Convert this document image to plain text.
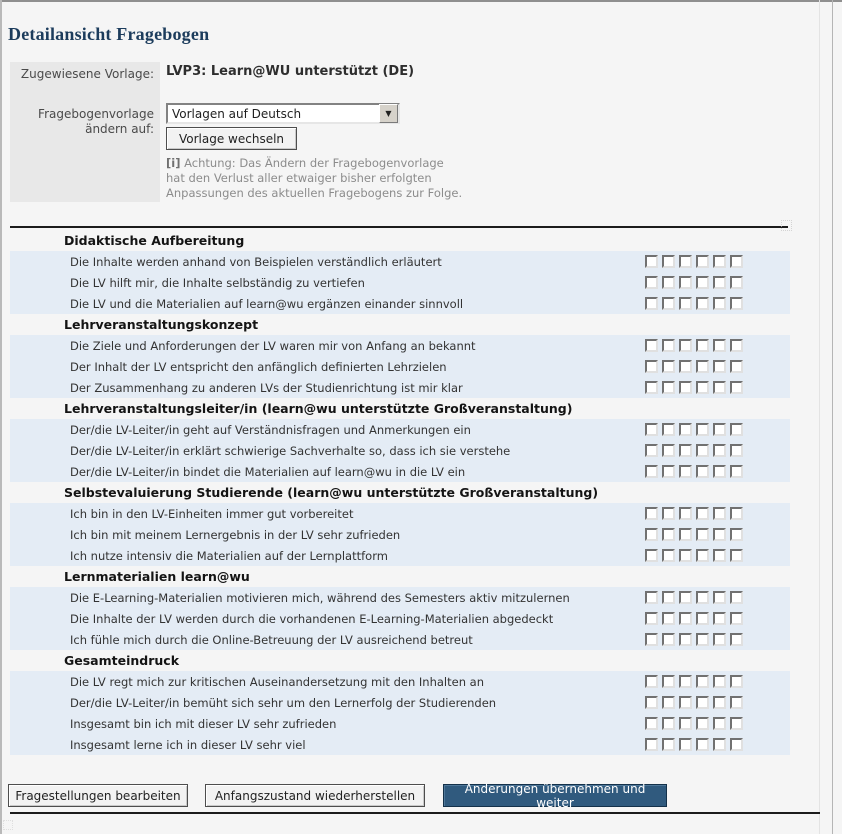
Detailansicht Fragebogen
Zugewiesene Vorlage: LVP3: Learn@WU unterstützt (DE)
Fragebogenvorlage ändern auf:
Vorlagen auf Deutsch	▼
Vorlage wechseln
[i] Achtung: Das Ändern der Fragebogenvorlage hat den Verlust aller etwaiger bisher erfolgten Anpassungen des aktuellen Fragebogens zur Folge.
Didaktische Aufbereitung
Die Inhalte werden anhand von Beispielen verständlich erläutert
Die LV hilft mir, die Inhalte selbständig zu vertiefen
Die LV und die Materialien auf learn@wu ergänzen einander sinnvoll
Lehrveranstaltungskonzept
Die Ziele und Anforderungen der LV waren mir von Anfang an bekannt
Der Inhalt der LV entspricht den anfänglich definierten Lehrzielen
Der Zusammenhang zu anderen LVs der Studienrichtung ist mir klar
Lehrveranstaltungsleiter/in (learn@wu unterstützte Großveranstaltung)
Der/die LV-Leiter/in geht auf Verständnisfragen und Anmerkungen ein
Der/die LV-Leiter/in erklärt schwierige Sachverhalte so, dass ich sie verstehe
Der/die LV-Leiter/in bindet die Materialien auf learn@wu in die LV ein
Selbstevaluierung Studierende (learn@wu unterstützte Großveranstaltung)
Ich bin in den LV-Einheiten immer gut vorbereitet
Ich bin mit meinem Lernergebnis in der LV sehr zufrieden
Ich nutze intensiv die Materialien auf der Lernplattform
Lernmaterialien learn@wu
Die E-Learning-Materialien motivieren mich, während des Semesters aktiv mitzulernen
Die Inhalte der LV werden durch die vorhandenen E-Learning-Materialien abgedeckt
Ich fühle mich durch die Online-Betreuung der LV ausreichend betreut
Gesamteindruck
Die LV regt mich zur kritischen Auseinandersetzung mit den Inhalten an
Der/die LV-Leiter/in bemüht sich sehr um den Lernerfolg der Studierenden
Insgesamt bin ich mit dieser LV sehr zufrieden
Insgesamt lerne ich in dieser LV sehr viel
Fragestellungen bearbeiten	Anfangszustand wiederherstellen	Änderungen übernehmen und weiter
